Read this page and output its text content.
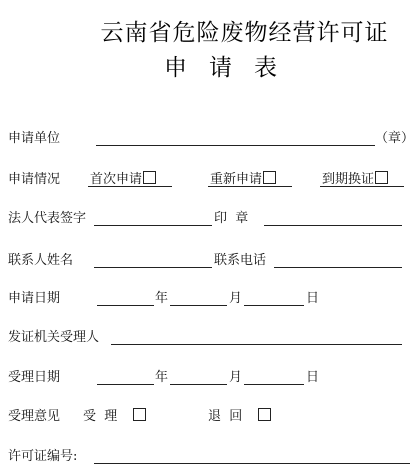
云南省危险废物经营许可证
申请表
申请单位	（章）
申请情况 首次申请	重新申请	到期换证
法人代表签字	印  章
联系人姓名	联系电话
申请日期	年	月	日
发证机关受理人
受理日期	年	月	日
受理意见 受  理	退  回
许可证编号:
